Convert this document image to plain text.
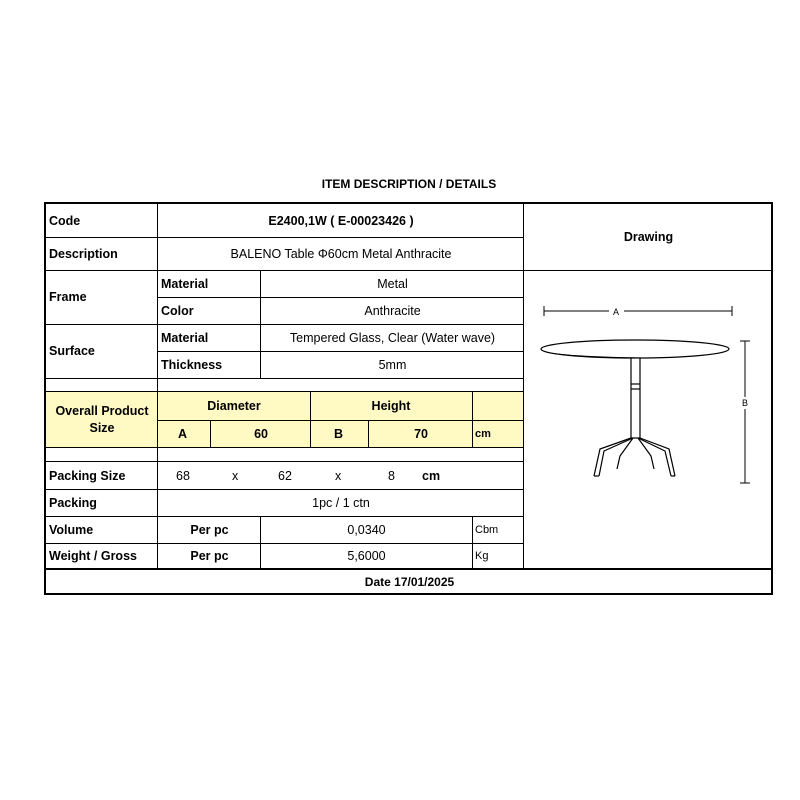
ITEM DESCRIPTION / DETAILS
Code	E2400,1W ( E-00023426 )
Description	BALENO Table Φ60cm Metal Anthracite
Drawing
Frame
Material	Metal
Color	Anthracite
Surface
Material	Tempered Glass, Clear (Water wave)
Thickness	5mm
Overall Product
Size
Diameter	Height
A	60	B	70	cm
Packing Size	68	x	62	x	8	cm
Packing	1pc / 1 ctn
Volume	Per pc	0,0340	Cbm
Weight / Gross	Per pc	5,6000	Kg
Date 17/01/2025
A
B
